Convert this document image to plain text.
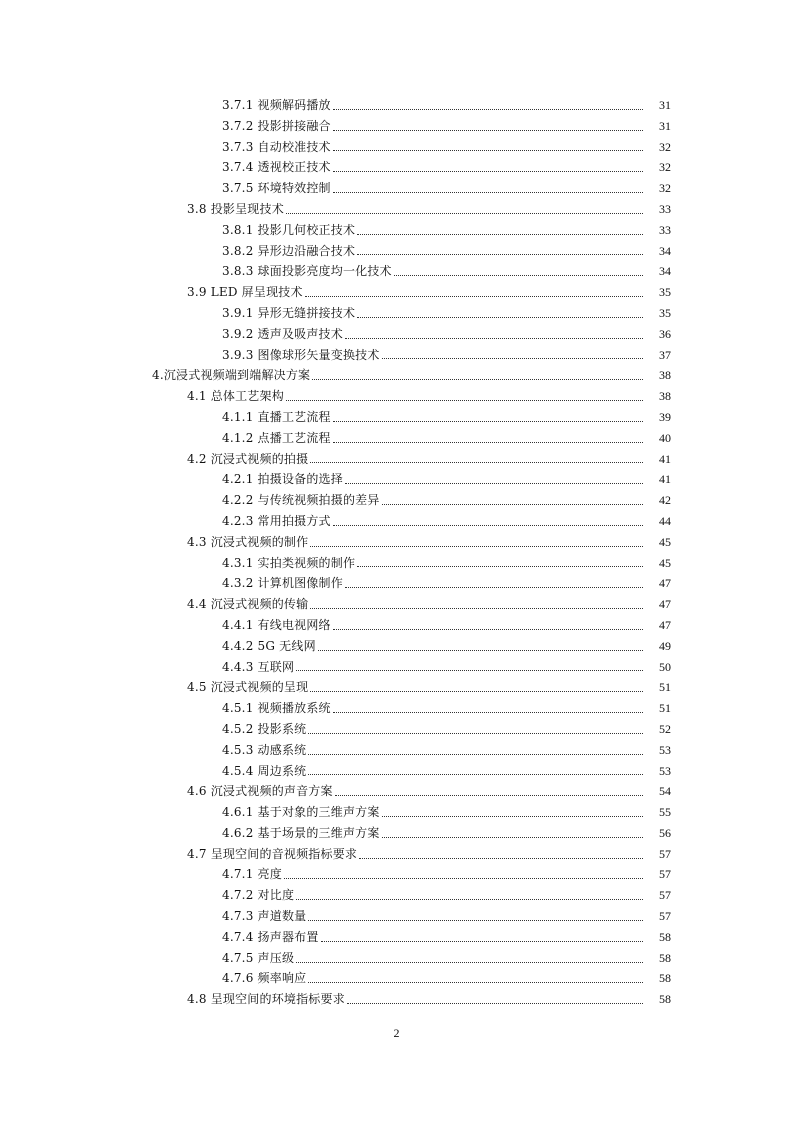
3.7.1 视频解码播放	31
3.7.2 投影拼接融合	31
3.7.3 自动校准技术	32
3.7.4 透视校正技术	32
3.7.5 环境特效控制	32
3.8 投影呈现技术	33
3.8.1 投影几何校正技术	33
3.8.2 异形边沿融合技术	34
3.8.3 球面投影亮度均一化技术	34
3.9 LED 屏呈现技术	35
3.9.1 异形无缝拼接技术	35
3.9.2 透声及吸声技术	36
3.9.3 图像球形矢量变换技术	37
4.沉浸式视频端到端解决方案	38
4.1 总体工艺架构	38
4.1.1 直播工艺流程	39
4.1.2 点播工艺流程	40
4.2 沉浸式视频的拍摄	41
4.2.1 拍摄设备的选择	41
4.2.2 与传统视频拍摄的差异	42
4.2.3 常用拍摄方式	44
4.3 沉浸式视频的制作	45
4.3.1 实拍类视频的制作	45
4.3.2 计算机图像制作	47
4.4 沉浸式视频的传输	47
4.4.1 有线电视网络	47
4.4.2 5G 无线网	49
4.4.3 互联网	50
4.5 沉浸式视频的呈现	51
4.5.1 视频播放系统	51
4.5.2 投影系统	52
4.5.3 动感系统	53
4.5.4 周边系统	53
4.6 沉浸式视频的声音方案	54
4.6.1 基于对象的三维声方案	55
4.6.2 基于场景的三维声方案	56
4.7 呈现空间的音视频指标要求	57
4.7.1 亮度	57
4.7.2 对比度	57
4.7.3 声道数量	57
4.7.4 扬声器布置	58
4.7.5 声压级	58
4.7.6 频率响应	58
4.8 呈现空间的环境指标要求	58
2
